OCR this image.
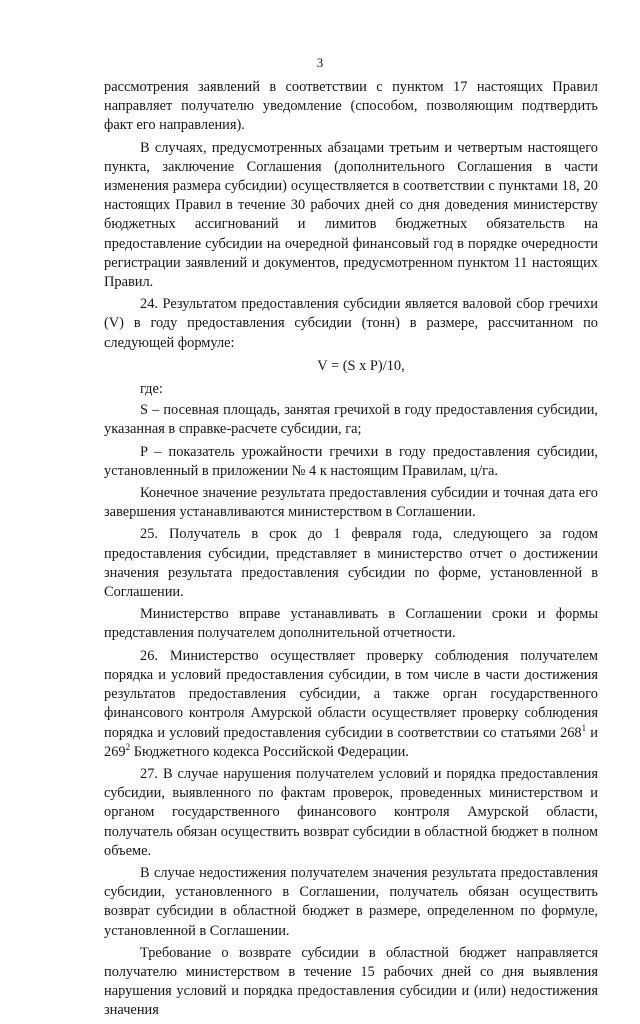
3

рассмотрения заявлений в соответствии с пунктом 17 настоящих Правил направляет получателю уведомление (способом, позволяющим подтвердить факт его направления).

В случаях, предусмотренных абзацами третьим и четвертым настоящего пункта, заключение Соглашения (дополнительного Соглашения в части изменения размера субсидии) осуществляется в соответствии с пунктами 18, 20 настоящих Правил в течение 30 рабочих дней со дня доведения министерству бюджетных ассигнований и лимитов бюджетных обязательств на предоставление субсидии на очередной финансовый год в порядке очередности регистрации заявлений и документов, предусмотренном пунктом 11 настоящих Правил.

24. Результатом предоставления субсидии является валовой сбор гречихи (V) в году предоставления субсидии (тонн) в размере, рассчитанном по следующей формуле:

V = (S x P)/10,

где:

S – посевная площадь, занятая гречихой в году предоставления субсидии, указанная в справке-расчете субсидии, га;

P – показатель урожайности гречихи в году предоставления субсидии, установленный в приложении № 4 к настоящим Правилам, ц/га.

Конечное значение результата предоставления субсидии и точная дата его завершения устанавливаются министерством в Соглашении.

25. Получатель в срок до 1 февраля года, следующего за годом предоставления субсидии, представляет в министерство отчет о достижении значения результата предоставления субсидии по форме, установленной в Соглашении.

Министерство вправе устанавливать в Соглашении сроки и формы представления получателем дополнительной отчетности.

26. Министерство осуществляет проверку соблюдения получателем порядка и условий предоставления субсидии, в том числе в части достижения результатов предоставления субсидии, а также орган государственного финансового контроля Амурской области осуществляет проверку соблюдения порядка и условий предоставления субсидии в соответствии со статьями $268^1$ и $269^2$ Бюджетного кодекса Российской Федерации.

27. В случае нарушения получателем условий и порядка предоставления субсидии, выявленного по фактам проверок, проведенных министерством и органом государственного финансового контроля Амурской области, получатель обязан осуществить возврат субсидии в областной бюджет в полном объеме.

В случае недостижения получателем значения результата предоставления субсидии, установленного в Соглашении, получатель обязан осуществить возврат субсидии в областной бюджет в размере, определенном по формуле, установленной в Соглашении.

Требование о возврате субсидии в областной бюджет направляется получателю министерством в течение 15 рабочих дней со дня выявления нарушения условий и порядка предоставления субсидии и (или) недостижения значения
